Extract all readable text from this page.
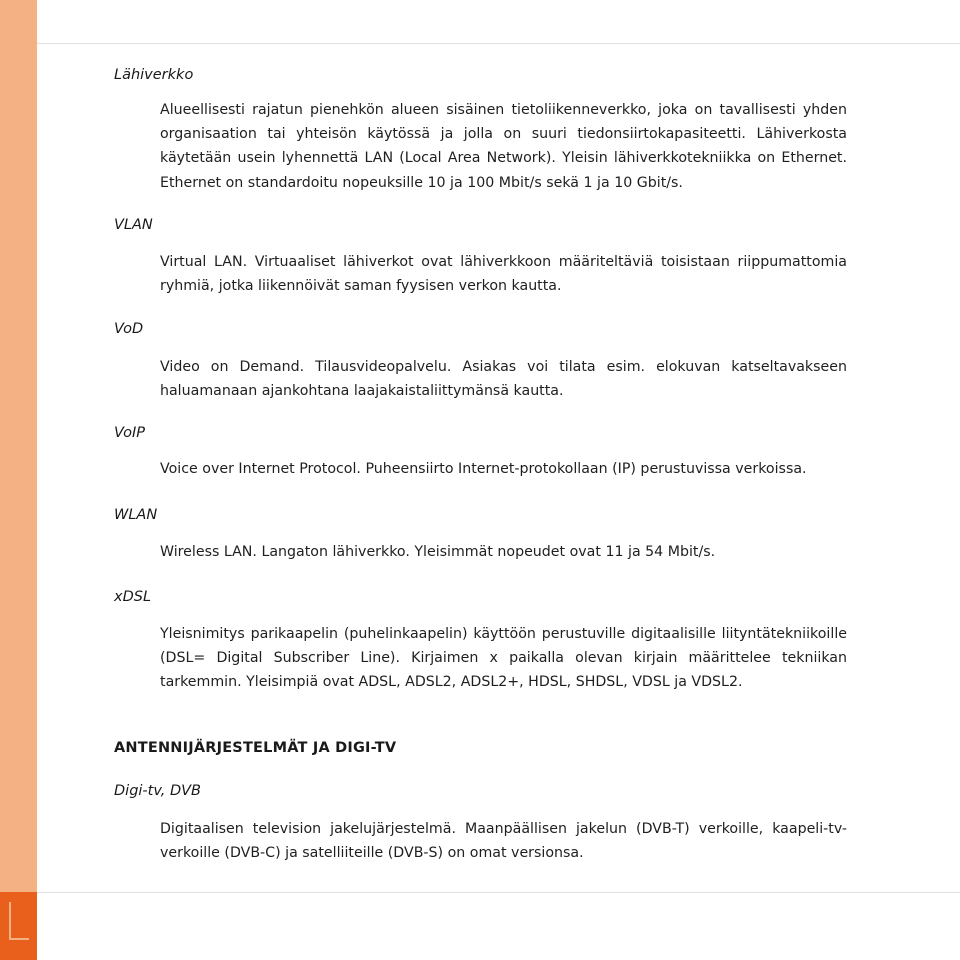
Lähiverkko

Alueellisesti rajatun pienehkön alueen sisäinen tietoliikenneverkko, joka on tavallisesti yhden organisaation tai yhteisön käytössä ja jolla on suuri tiedonsiirtokapasiteetti. Lähiverkosta käytetään usein lyhennettä LAN (Local Area Network). Yleisin lähiverkkotekniikka on Ethernet. Ethernet on standardoitu nopeuksille 10 ja 100 Mbit/s sekä 1 ja 10 Gbit/s.

VLAN

Virtual LAN. Virtuaaliset lähiverkot ovat lähiverkkoon määriteltäviä toisistaan riippumattomia ryhmiä, jotka liikennöivät saman fyysisen verkon kautta.

VoD

Video on Demand. Tilausvideopalvelu. Asiakas voi tilata esim. elokuvan katseltavakseen haluamanaan ajankohtana laajakaistaliittymänsä kautta.

VoIP

Voice over Internet Protocol. Puheensiirto Internet-protokollaan (IP) perustuvissa verkoissa.

WLAN

Wireless LAN. Langaton lähiverkko. Yleisimmät nopeudet ovat 11 ja 54 Mbit/s.

xDSL

Yleisnimitys parikaapelin (puhelinkaapelin) käyttöön perustuville digitaalisille liityntätekniikoille (DSL= Digital Subscriber Line). Kirjaimen x paikalla olevan kirjain määrittelee tekniikan tarkemmin. Yleisimpiä ovat ADSL, ADSL2, ADSL2+, HDSL, SHDSL, VDSL ja VDSL2.

ANTENNIJÄRJESTELMÄT JA DIGI-TV
Digi-tv, DVB

Digitaalisen television jakelujärjestelmä. Maanpäällisen jakelun (DVB-T) verkoille, kaapeli-tv-verkoille (DVB-C) ja satelliiteille (DVB-S) on omat versionsa.
